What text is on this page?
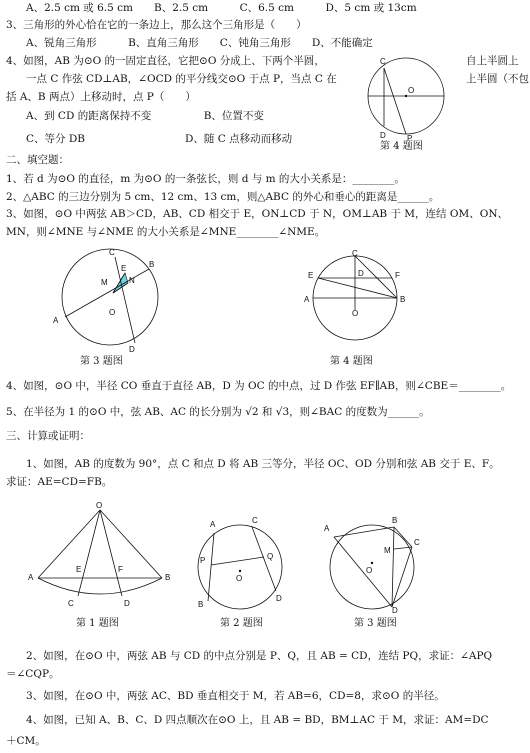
A、2.5 cm 或 6.5 cm　　B、2.5 cm　　　C、6.5 cm　　　D、5 cm 或 13cm
3、三角形的外心恰在它的一条边上，那么这个三角形是（　　）
A、锐角三角形　　　B、直角三角形　　C、钝角三角形　　D、不能确定
4、如图，AB 为⊙O 的一固定直径，它把⊙O 分成上、下两个半圆，	自上半圆上
一点 C 作弦 CD⊥AB，∠OCD 的平分线交⊙O 于点 P，当点 C 在	上半圆（不包
括 A、B 两点）上移动时，点 P（　　）
A、到 CD 的距离保持不变　　　　　B、位置不变
C、等分 DB	D、随 C 点移动而移动
第 4 题图
二、填空题：
1、若 d 为⊙O 的直径，m 为⊙O 的一条弦长，则 d 与 m 的大小关系是：________。
2、△ABC 的三边分别为 5 cm、12 cm、13 cm，则△ABC 的外心和垂心的距离是______。
3、如图，⊙O 中两弦 AB＞CD，AB、CD 相交于 E，ON⊥CD 于 N，OM⊥AB 于 M，连结 OM、ON、
MN，则∠MNE 与∠NME 的大小关系是∠MNE________∠NME。
第 3 题图	第 4 题图
4、如图，⊙O 中，半径 CO 垂直于直径 AB，D 为 OC 的中点，过 D 作弦 EF∥AB，则∠CBE＝________。
5、在半径为 1 的⊙O 中，弦 AB、AC 的长分别为 √2 和 √3，则∠BAC 的度数为______。
三、计算或证明：
1、如图，AB 的度数为 90°，点 C 和点 D 将 AB 三等分，半径 OC、OD 分别和弦 AB 交于 E、F。
求证：AE=CD=FB。
第 1 题图	第 2 题图	第 3 题图
2、如图，在⊙O 中，两弦 AB 与 CD 的中点分别是 P、Q，且 AB = CD，连结 PQ，求证：∠APQ
＝∠CQP。
3、如图，在⊙O 中，两弦 AC、BD 垂直相交于 M，若 AB=6，CD=8，求⊙O 的半径。
4、如图，已知 A、B、C、D 四点顺次在⊙O 上，且 AB = BD，BM⊥AC 于 M，求证：AM=DC
＋CM。
C
O
D	P
C
E	B
M	N
O
A
D
C
E	F
D
A	B
O
O
A	B
E	F
C	D
A	C
P	Q
O
B
D
A
B
C
M
O
D
